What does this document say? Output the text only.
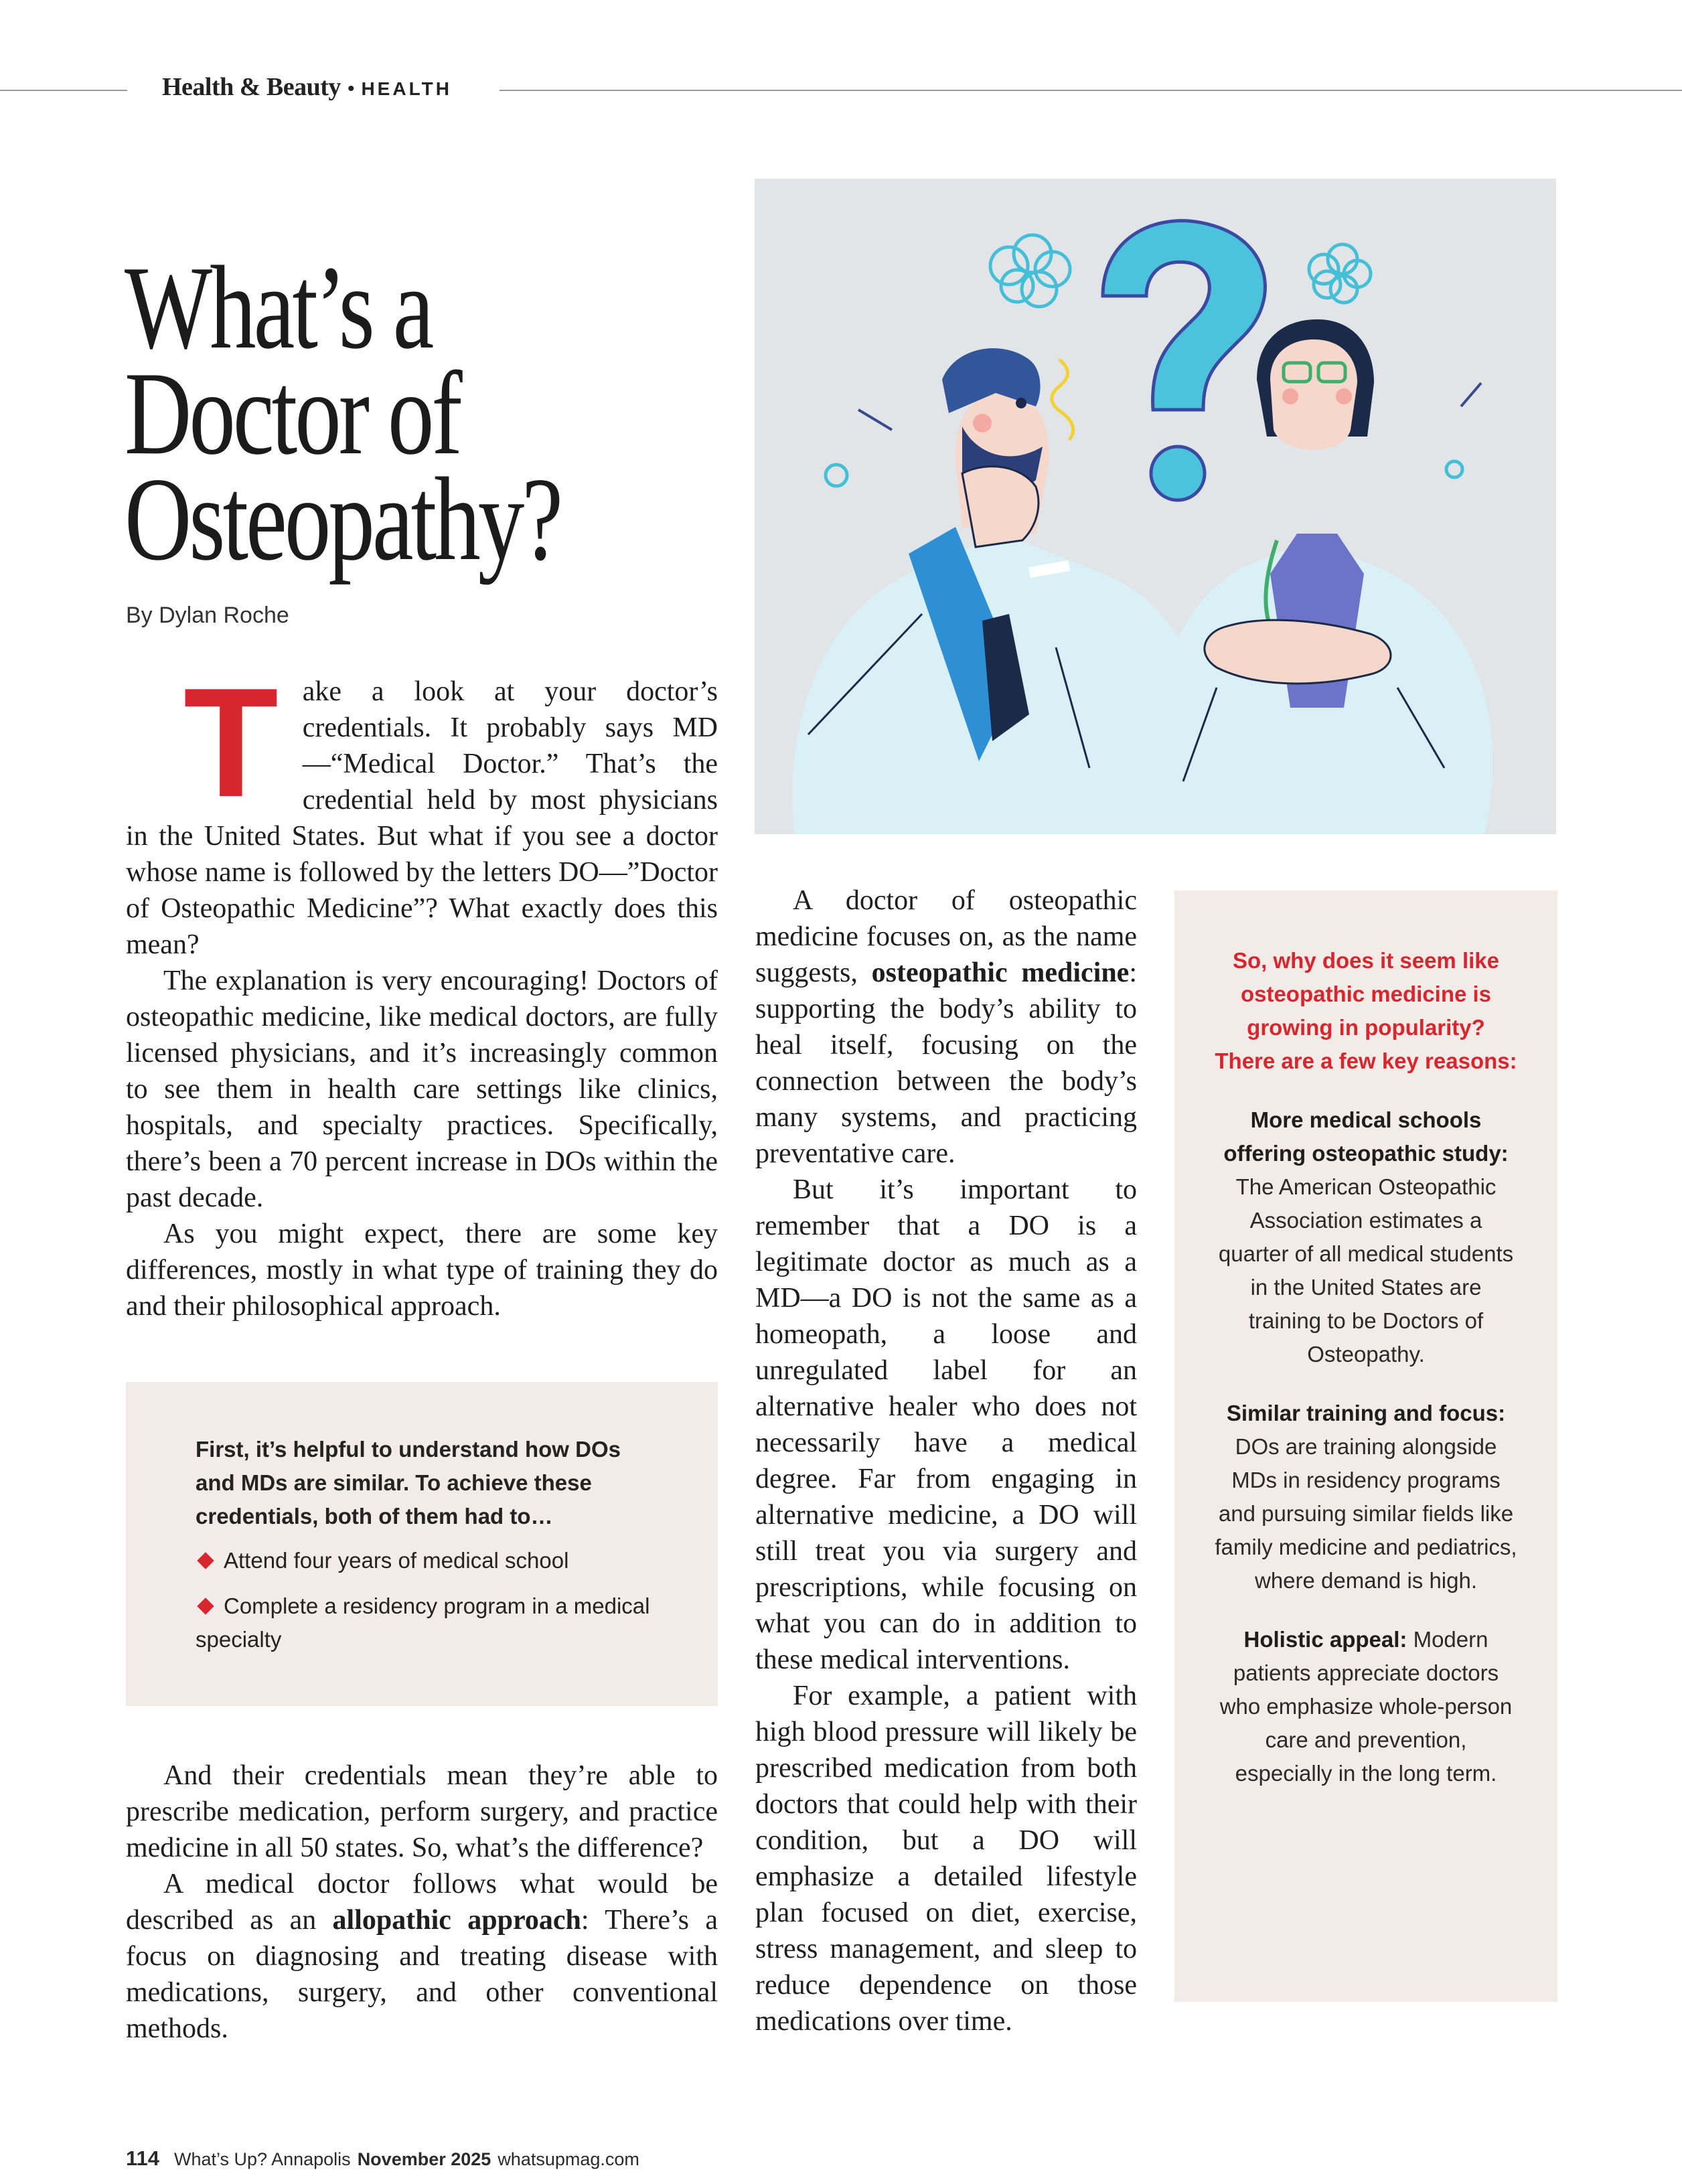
Health & Beauty • HEALTH
What’s a
Doctor of
Osteopathy?
By Dylan Roche

Take a look at your doctor’s credentials. It probably says MD—“Medical Doctor.” That’s the credential held by most physicians in the United States. But what if you see a doctor whose name is followed by the letters DO—”Doctor of Osteopathic Medicine”? What exactly does this mean?

The explanation is very encouraging! Doctors of osteopathic medicine, like medical doctors, are fully licensed physicians, and it’s increasingly common to see them in health care settings like clinics, hospitals, and specialty practices. Specifically, there’s been a 70 percent increase in DOs within the past decade.

As you might expect, there are some key differences, mostly in what type of training they do and their philosophical approach.

First, it’s helpful to understand how DOs and MDs are similar. To achieve these credentials, both of them had to…

Attend four years of medical school
Complete a residency program in a medical specialty

And their credentials mean they’re able to prescribe medication, perform surgery, and practice medicine in all 50 states. So, what’s the difference?

A medical doctor follows what would be described as an allopathic approach: There’s a focus on diagnosing and treating disease with medications, surgery, and other conventional methods.

A doctor of osteopathic medicine focuses on, as the name suggests, osteopathic medicine: supporting the body’s ability to heal itself, focusing on the connection between the body’s many systems, and practicing preventative care.

But it’s important to remember that a DO is a legitimate doctor as much as a MD—a DO is not the same as a homeopath, a loose and unregulated label for an alternative healer who does not necessarily have a medical degree. Far from engaging in alternative medicine, a DO will still treat you via surgery and prescriptions, while focusing on what you can do in addition to these medical interventions.

For example, a patient with high blood pressure will likely be prescribed medication from both doctors that could help with their condition, but a DO will emphasize a detailed lifestyle plan focused on diet, exercise, stress management, and sleep to reduce dependence on those medications over time.

So, why does it seem like osteopathic medicine is growing in popularity? There are a few key reasons:
More medical schools offering osteopathic study: The American Osteopathic Association estimates a quarter of all medical students in the United States are training to be Doctors of Osteopathy.
Similar training and focus: DOs are training alongside MDs in residency programs and pursuing similar fields like family medicine and pediatrics, where demand is high.
Holistic appeal: Modern patients appreciate doctors who emphasize whole-person care and prevention, especially in the long term.
114 What’s Up? Annapolis November 2025 whatsupmag.com
